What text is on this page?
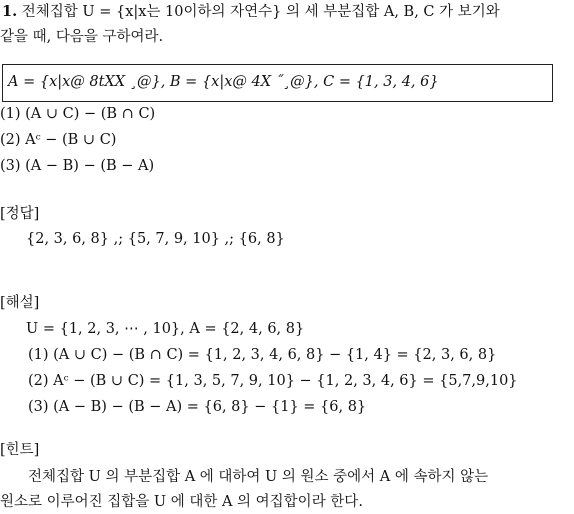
1. 전체집합 U = {x|x는 10이하의 자연수} 의 세 부분집합 A, B, C 가 보기와
같을 때, 다음을 구하여라.
A = {x|x@ 8tXX ¸@}, B = {x|x@ 4X ˝¸@}, C = {1, 3, 4, 6}
(1) (A ∪ C) − (B ∩ C)
(2) Aᶜ − (B ∪ C)
(3) (A − B) − (B − A)
[정답]
{2, 3, 6, 8} ,; {5, 7, 9, 10} ,; {6, 8}
[해설]
U = {1, 2, 3, ⋯ , 10}, A = {2, 4, 6, 8}
(1) (A ∪ C) − (B ∩ C) = {1, 2, 3, 4, 6, 8} − {1, 4} = {2, 3, 6, 8}
(2) Aᶜ − (B ∪ C) = {1, 3, 5, 7, 9, 10} − {1, 2, 3, 4, 6} = {5,7,9,10}
(3) (A − B) − (B − A) = {6, 8} − {1} = {6, 8}
[힌트]
전체집합 U 의 부분집합 A 에 대하여 U 의 원소 중에서 A 에 속하지 않는
원소로 이루어진 집합을 U 에 대한 A 의 여집합이라 한다.
